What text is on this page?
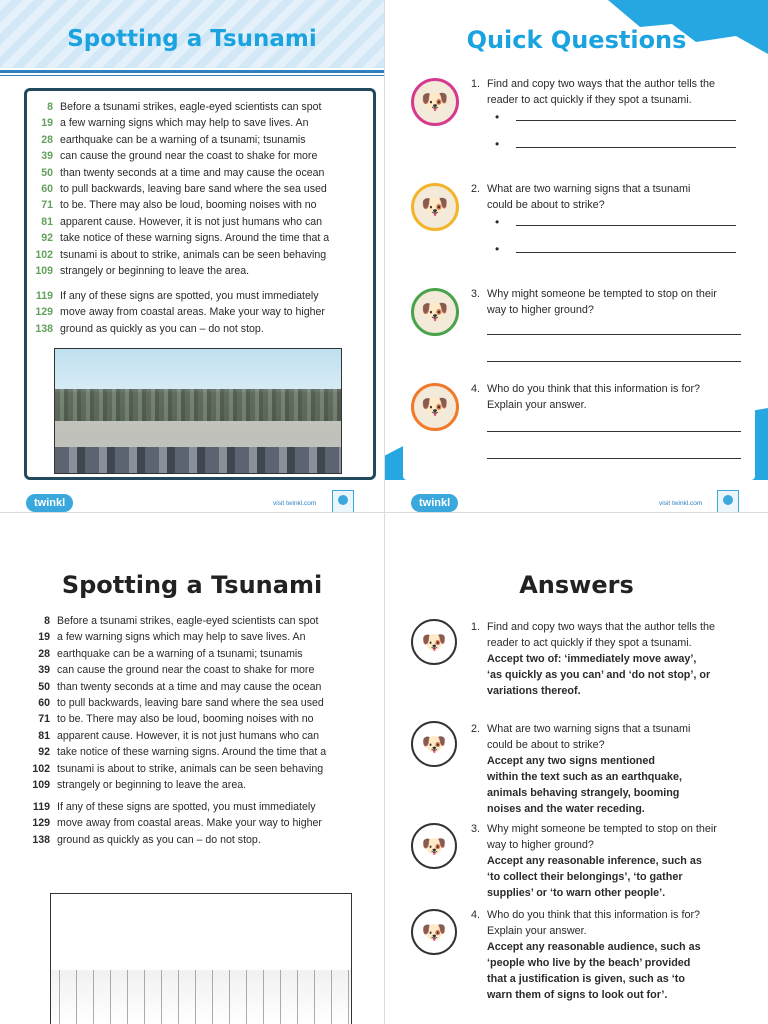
Spotting a Tsunami
8 Before a tsunami strikes, eagle-eyed scientists can spot
19 a few warning signs which may help to save lives. An
28 earthquake can be a warning of a tsunami; tsunamis
39 can cause the ground near the coast to shake for more
50 than twenty seconds at a time and may cause the ocean
60 to pull backwards, leaving bare sand where the sea used
71 to be. There may also be loud, booming noises with no
81 apparent cause. However, it is not just humans who can
92 take notice of these warning signs. Around the time that a
102 tsunami is about to strike, animals can be seen behaving
109 strangely or beginning to leave the area.
119 If any of these signs are spotted, you must immediately
129 move away from coastal areas. Make your way to higher
138 ground as quickly as you can – do not stop.
twinkl	visit twinkl.com
Quick Questions
twinkl	visit twinkl.com
🐶
1. Find and copy two ways that the author tells the
reader to act quickly if they spot a tsunami.
•
•
🐶
2. What are two warning signs that a tsunami
could be about to strike?
•
•
🐶
3. Why might someone be tempted to stop on their
way to higher ground?
🐶
4. Who do you think that this information is for?
Explain your answer.
Spotting a Tsunami
8 Before a tsunami strikes, eagle-eyed scientists can spot
19 a few warning signs which may help to save lives. An
28 earthquake can be a warning of a tsunami; tsunamis
39 can cause the ground near the coast to shake for more
50 than twenty seconds at a time and may cause the ocean
60 to pull backwards, leaving bare sand where the sea used
71 to be. There may also be loud, booming noises with no
81 apparent cause. However, it is not just humans who can
92 take notice of these warning signs. Around the time that a
102 tsunami is about to strike, animals can be seen behaving
109 strangely or beginning to leave the area.
119 If any of these signs are spotted, you must immediately
129 move away from coastal areas. Make your way to higher
138 ground as quickly as you can – do not stop.
Answers
🐶
1. Find and copy two ways that the author tells the
reader to act quickly if they spot a tsunami.
Accept two of: ‘immediately move away’,
‘as quickly as you can’ and ‘do not stop’, or
variations thereof.
🐶
2. What are two warning signs that a tsunami
could be about to strike?
Accept any two signs mentioned
within the text such as an earthquake,
animals behaving strangely, booming
noises and the water receding.
🐶
3. Why might someone be tempted to stop on their
way to higher ground?
Accept any reasonable inference, such as
‘to collect their belongings’, ‘to gather
supplies’ or ‘to warn other people’.
🐶
4. Who do you think that this information is for?
Explain your answer.
Accept any reasonable audience, such as
‘people who live by the beach’ provided
that a justification is given, such as ‘to
warn them of signs to look out for’.
